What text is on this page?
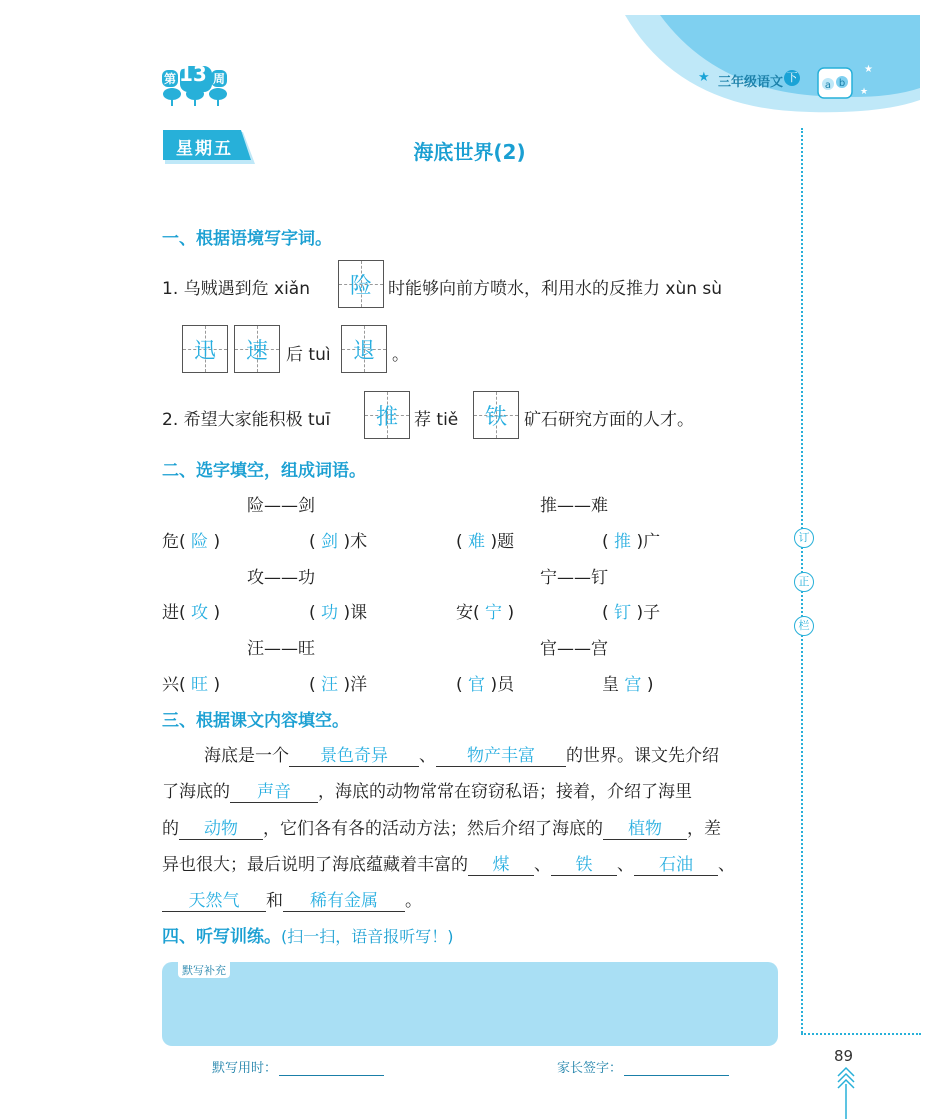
★ 三年级语文 下
a b
★
★
第 13 周
星期五	海底世界(2)
一、根据语境写字词。
1. 乌贼遇到危 xiǎn	险 时能够向前方喷水，利用水的反推力 xùn sù
迅	速	后 tuì	退	。
2. 希望大家能积极 tuī	推 荐 tiě	铁	矿石研究方面的人才。
二、选字填空，组成词语。
险——剑	推——难
危( 险 )	( 剑 )术	( 难 )题	( 推 )广
攻——功	宁——钉
进( 攻 )	( 功 )课	安( 宁 )	( 钉 )子
汪——旺	官——宫
兴( 旺 )	( 汪 )洋	( 官 )员	皇 宫 )
三、根据课文内容填空。
海底是一个 景色奇异 、 物产丰富 的世界。课文先介绍
了海底的 声音 ，海底的动物常常在窃窃私语；接着，介绍了海里
的 动物 ，它们各有各的活动方法；然后介绍了海底的 植物 ，差
异也很大；最后说明了海底蕴藏着丰富的 煤 、 铁 、 石油 、
天然气 和 稀有金属 。
四、听写训练。(扫一扫，语音报听写！)
默写补充
默写用时：	家长签字：
89
订
正
栏
